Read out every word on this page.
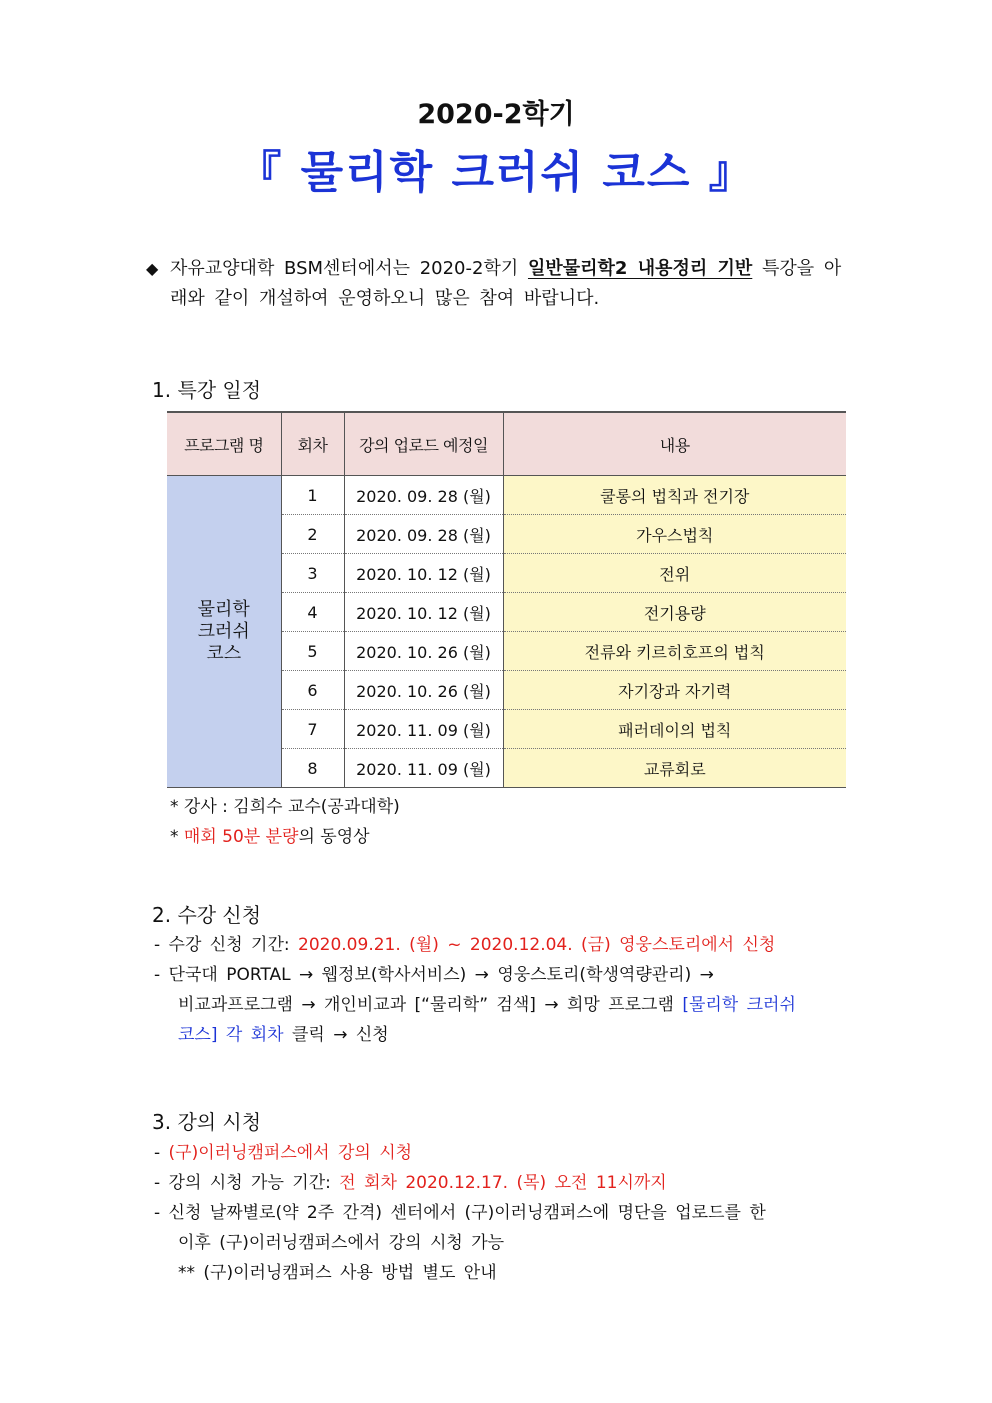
2020-2학기
『 물리학 크러쉬 코스 』
◆ 자유교양대학 BSM센터에서는 2020-2학기 일반물리학2 내용정리 기반 특강을 아
래와 같이 개설하여 운영하오니 많은 참여 바랍니다.
1. 특강 일정
프로그램 명	회차	강의 업로드 예정일	내용

물리학
크러쉬
코스	1	2020. 09. 28 (월)	쿨롱의 법칙과 전기장
	2	2020. 09. 28 (월)	가우스법칙
	3	2020. 10. 12 (월)	전위
	4	2020. 10. 12 (월)	전기용량
	5	2020. 10. 26 (월)	전류와 키르히호프의 법칙
	6	2020. 10. 26 (월)	자기장과 자기력
	7	2020. 11. 09 (월)	패러데이의 법칙
	8	2020. 11. 09 (월)	교류회로
* 강사 : 김희수 교수(공과대학)
* 매회 50분 분량의 동영상
2. 수강 신청
- 수강 신청 기간: 2020.09.21. (월) ~ 2020.12.04. (금) 영웅스토리에서 신청
- 단국대 PORTAL → 웹정보(학사서비스) → 영웅스토리(학생역량관리) →
비교과프로그램 → 개인비교과 [“물리학” 검색] → 희망 프로그램 [물리학 크러쉬
코스] 각 회차 클릭 → 신청
3. 강의 시청
- (구)이러닝캠퍼스에서 강의 시청
- 강의 시청 가능 기간: 전 회차 2020.12.17. (목) 오전 11시까지
- 신청 날짜별로(약 2주 간격) 센터에서 (구)이러닝캠퍼스에 명단을 업로드를 한
이후 (구)이러닝캠퍼스에서 강의 시청 가능
** (구)이러닝캠퍼스 사용 방법 별도 안내
